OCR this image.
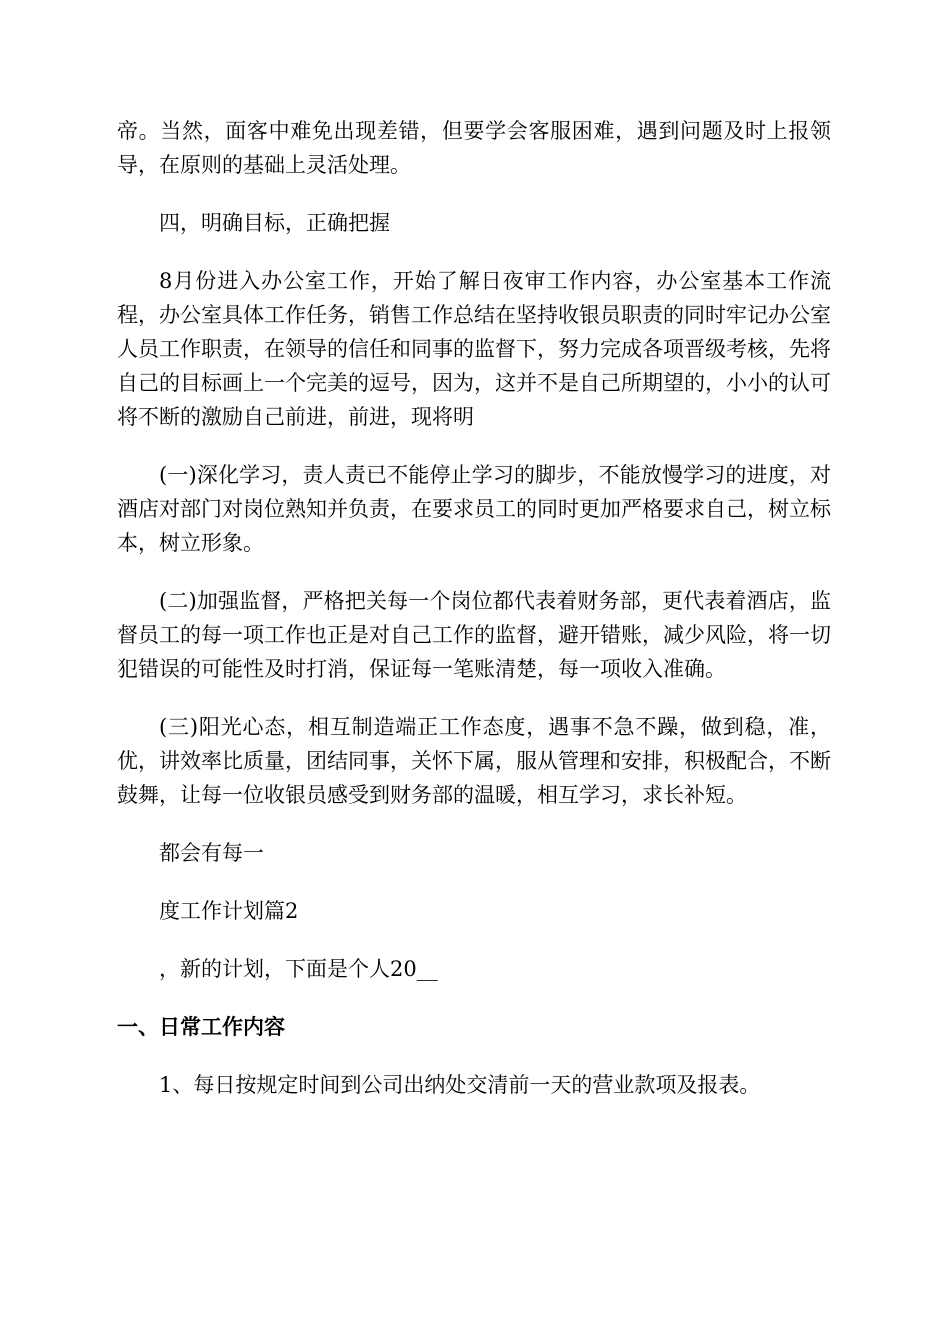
帝。当然，面客中难免出现差错，但要学会客服困难，遇到问题及时上报领导，在原则的基础上灵活处理。

四，明确目标，正确把握

8月份进入办公室工作，开始了解日夜审工作内容，办公室基本工作流程，办公室具体工作任务，销售工作总结在坚持收银员职责的同时牢记办公室人员工作职责，在领导的信任和同事的监督下，努力完成各项晋级考核，先将自己的目标画上一个完美的逗号，因为，这并不是自己所期望的，小小的认可将不断的激励自己前进，前进，现将明

(一)深化学习，责人责已不能停止学习的脚步，不能放慢学习的进度，对酒店对部门对岗位熟知并负责，在要求员工的同时更加严格要求自己，树立标本，树立形象。

(二)加强监督，严格把关每一个岗位都代表着财务部，更代表着酒店，监督员工的每一项工作也正是对自己工作的监督，避开错账，减少风险，将一切犯错误的可能性及时打消，保证每一笔账清楚，每一项收入准确。

(三)阳光心态，相互制造端正工作态度，遇事不急不躁，做到稳，准，优，讲效率比质量，团结同事，关怀下属，服从管理和安排，积极配合，不断鼓舞，让每一位收银员感受到财务部的温暖，相互学习，求长补短。

都会有每一

度工作计划篇2

，新的计划，下面是个人20__

一、日常工作内容

1、每日按规定时间到公司出纳处交清前一天的营业款项及报表。
